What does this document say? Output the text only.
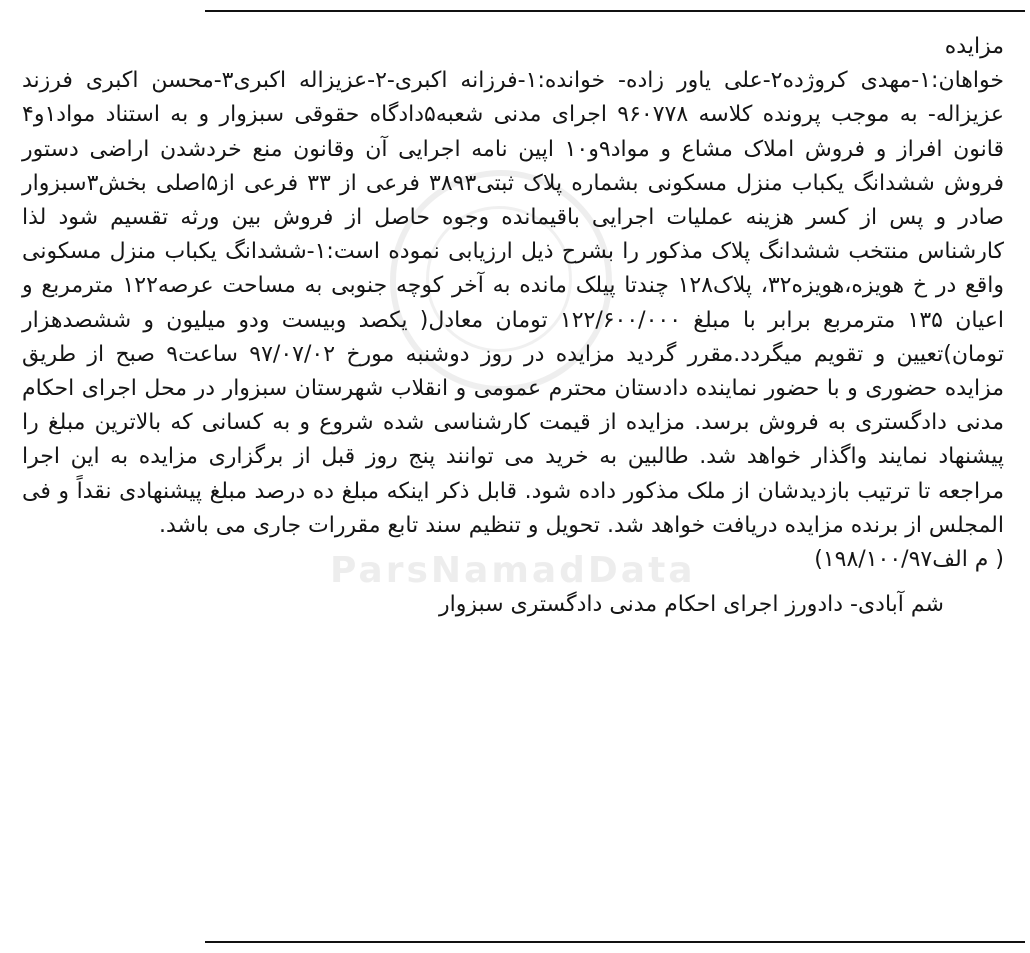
ParsNamadData

مزایده

خواهان:۱-مهدی کروژده۲-علی یاور زاده- خوانده:۱-فرزانه اکبری-۲-عزیزاله اکبری۳-محسن اکبری فرزند عزیزاله- به موجب پرونده کلاسه ۹۶۰۷۷۸ اجرای مدنی شعبه۵دادگاه حقوقی سبزوار و به استناد مواد۱و۴ قانون افراز و فروش املاک مشاع و مواد۹و۱۰ اپین نامه اجرایی آن وقانون منع خردشدن اراضی دستور فروش ششدانگ یکباب منزل مسکونی بشماره پلاک ثبتی۳۸۹۳ فرعی از ۳۳ فرعی از۵اصلی بخش۳سبزوار صادر و پس از کسر هزینه عملیات اجرایی باقیمانده وجوه حاصل از فروش بین ورثه تقسیم شود لذا کارشناس منتخب ششدانگ پلاک مذکور را بشرح ذیل ارزیابی نموده است:۱-ششدانگ یکباب منزل مسکونی واقع در خ هویزه،هویزه۳۲، پلاک۱۲۸ چندتا پیلک مانده به آخر کوچه جنوبی به مساحت عرصه۱۲۲ مترمربع و اعیان ۱۳۵ مترمربع برابر با مبلغ ۱۲۲/۶۰۰/۰۰۰ تومان معادل( یکصد وبیست ودو میلیون و ششصدهزار تومان)تعیین و تقویم میگردد.مقرر گردید مزایده در روز دوشنبه مورخ ۹۷/۰۷/۰۲ ساعت۹ صبح از طریق مزایده حضوری و با حضور نماینده دادستان محترم عمومی و انقلاب شهرستان سبزوار در محل اجرای احکام مدنی دادگستری به فروش برسد. مزایده از قیمت کارشناسی شده شروع و به کسانی که بالاترین مبلغ را پیشنهاد نمایند واگذار خواهد شد. طالبین به خرید می توانند پنج روز قبل از برگزاری مزایده به این اجرا مراجعه تا ترتیب بازدیدشان از ملک مذکور داده شود. قابل ذکر اینکه مبلغ ده درصد مبلغ پیشنهادی نقداً و فی المجلس از برنده مزایده دریافت خواهد شد. تحویل و تنظیم سند تابع مقررات جاری می باشد.

( م الف۱۹۸/۱۰۰/۹۷)

شم آبادی- دادورز اجرای احکام مدنی دادگستری سبزوار
